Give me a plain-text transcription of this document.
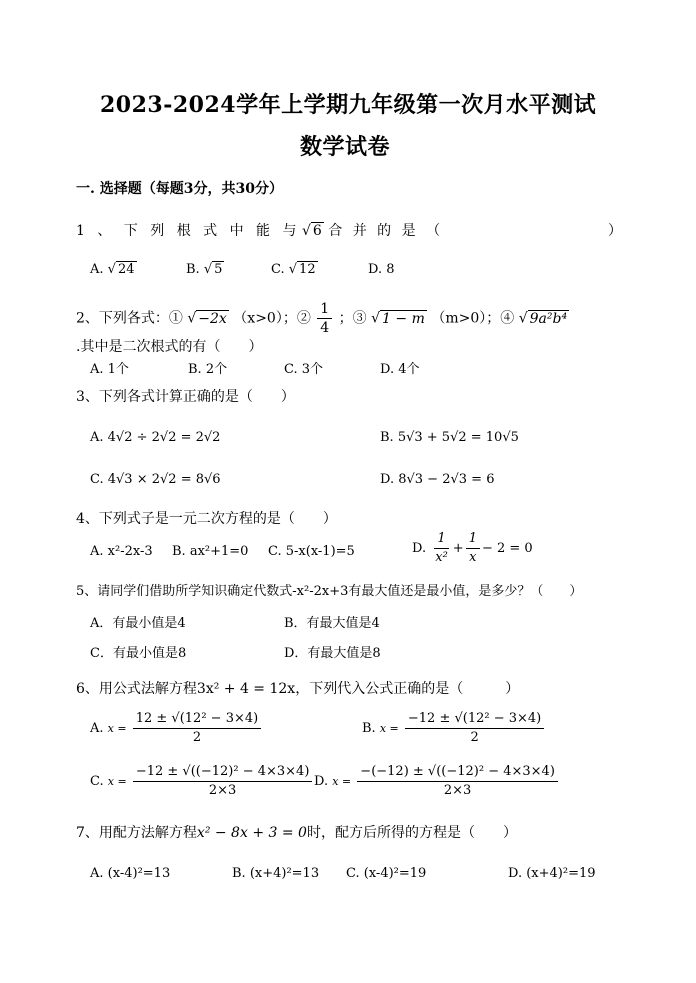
2023-2024学年上学期九年级第一次月水平测试
数学试卷
一. 选择题（每题3分，共30分）
1 、 下 列 根 式 中 能 与 √ 6 合 并 的 是 （	）
A. √ 24	B. √ 5	C. √ 12	D. 8
2、下列各式：① √ −2x （x>0）；② $\frac{1}{4}$ ；③ √ 1 − m （m>0）；④ √ 9a²b⁴
.其中是二次根式的有（　　）
A. 1个	B. 2个	C. 3个	D. 4个
3、下列各式计算正确的是（　　）
A. 4√2 ÷ 2√2 = 2√2	B. 5√3 + 5√2 = 10√5
C. 4√3 × 2√2 = 8√6	D. 8√3 − 2√3 = 6
4、下列式子是一元二次方程的是（　　）
A. x²-2x-3 B. ax²+1=0 C. 5-x(x-1)=5	D. $\frac{1}{\text{x²}} + \frac{1}{x} - 2 = 0$
5、请同学们借助所学知识确定代数式-x²-2x+3有最大值还是最小值，是多少？（　　）
A．有最小值是4	B．有最大值是4
C．有最小值是8	D．有最大值是8
6、用公式法解方程3x² + 4 = 12x，下列代入公式正确的是（　　　）
A. $x = \frac{\text{12 ± √(12² − 3×4)}}{2}$	B. $x = \frac{\text{−12 ± √(12² − 3×4)}}{2}$
C. $x = \frac{\text{−12 ± √((−12)² − 4×3×4)}}{2\times 3} D$. $x = \frac{\text{−(−12) ± √((−12)² − 4×3×4)}}{2\times 3}$
7、用配方法解方程x² − 8x + 3 = 0时，配方后所得的方程是（　　）
A. (x-4)²=13	B. (x+4)²=13 C. (x-4)²=19	D. (x+4)²=19
